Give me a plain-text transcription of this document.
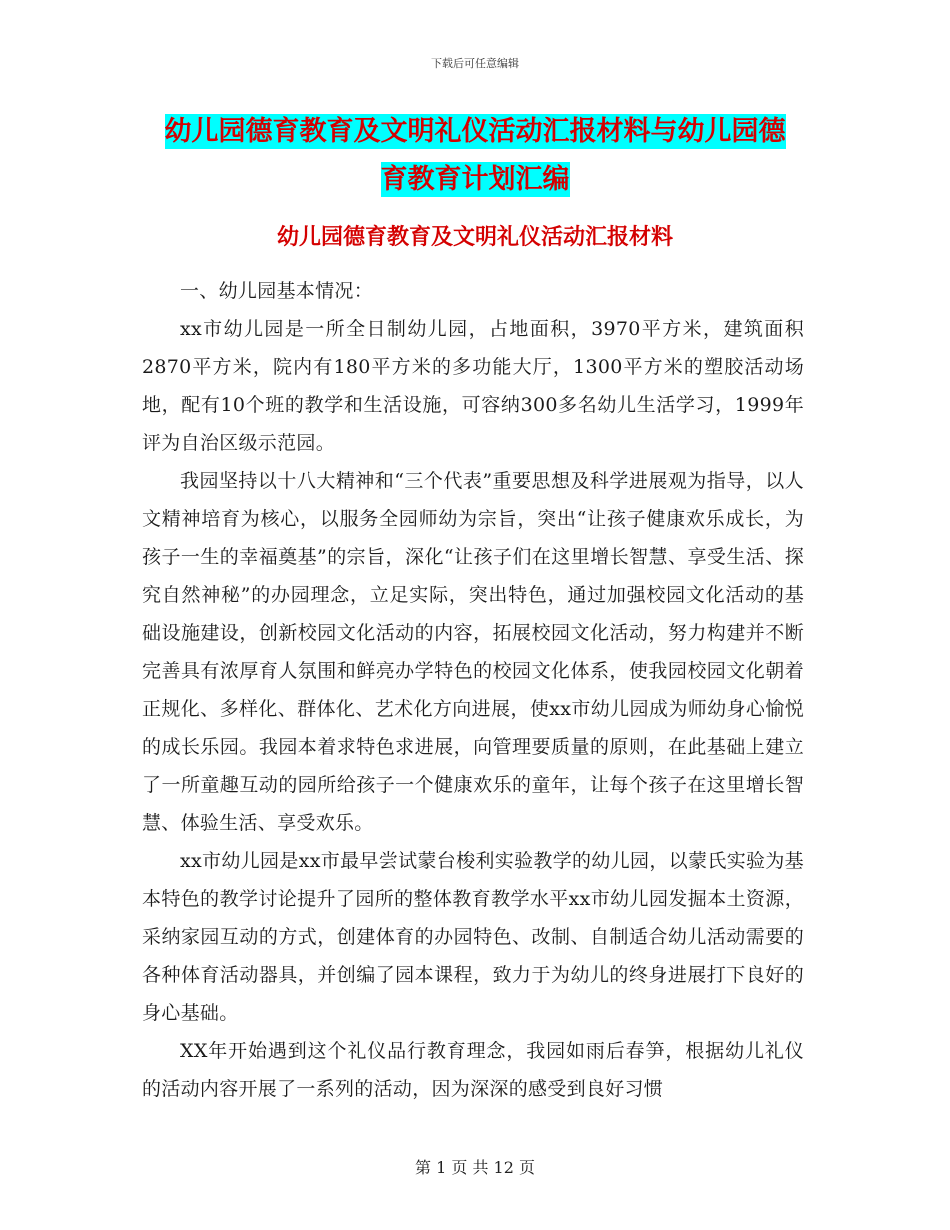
下载后可任意编辑
幼儿园德育教育及文明礼仪活动汇报材料与幼儿园德
育教育计划汇编
幼儿园德育教育及文明礼仪活动汇报材料

一、幼儿园基本情况：

xx市幼儿园是一所全日制幼儿园，占地面积，3970平方米，建筑面积2870平方米，院内有180平方米的多功能大厅，1300平方米的塑胶活动场地，配有10个班的教学和生活设施，可容纳300多名幼儿生活学习，1999年评为自治区级示范园。

我园坚持以十八大精神和“三个代表”重要思想及科学进展观为指导，以人文精神培育为核心，以服务全园师幼为宗旨，突出“让孩子健康欢乐成长，为孩子一生的幸福奠基”的宗旨，深化“让孩子们在这里增长智慧、享受生活、探究自然神秘”的办园理念，立足实际，突出特色，通过加强校园文化活动的基础设施建设，创新校园文化活动的内容，拓展校园文化活动，努力构建并不断完善具有浓厚育人氛围和鲜亮办学特色的校园文化体系，使我园校园文化朝着正规化、多样化、群体化、艺术化方向进展，使xx市幼儿园成为师幼身心愉悦的成长乐园。我园本着求特色求进展，向管理要质量的原则，在此基础上建立了一所童趣互动的园所给孩子一个健康欢乐的童年，让每个孩子在这里增长智慧、体验生活、享受欢乐。

xx市幼儿园是xx市最早尝试蒙台梭利实验教学的幼儿园，以蒙氏实验为基本特色的教学讨论提升了园所的整体教育教学水平xx市幼儿园发掘本土资源，采纳家园互动的方式，创建体育的办园特色、改制、自制适合幼儿活动需要的各种体育活动器具，并创编了园本课程，致力于为幼儿的终身进展打下良好的身心基础。

XX年开始遇到这个礼仪品行教育理念，我园如雨后春笋，根据幼儿礼仪的活动内容开展了一系列的活动，因为深深的感受到良好习惯

第 1 页 共 12 页
